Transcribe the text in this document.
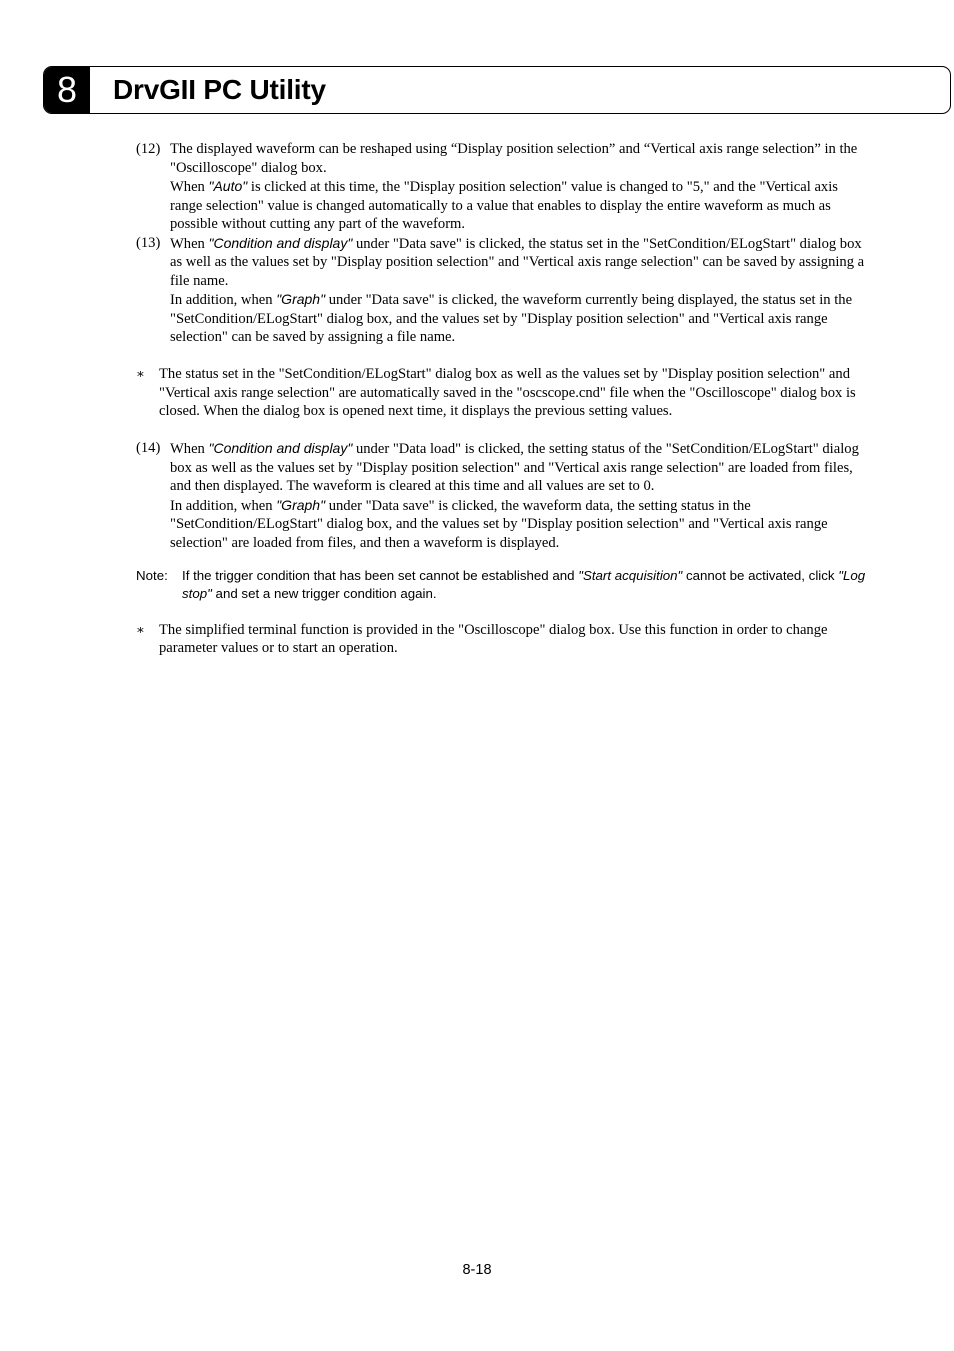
8	DrvGII PC Utility
(12) The displayed waveform can be reshaped using “Display position selection” and “Vertical axis range selection” in the "Oscilloscope" dialog box.

When "Auto" is clicked at this time, the "Display position selection" value is changed to "5," and the "Vertical axis range selection" value is changed automatically to a value that enables to display the entire waveform as much as possible without cutting any part of the waveform.

(13) When "Condition and display" under "Data save" is clicked, the status set in the "SetCondition/ELogStart" dialog box as well as the values set by "Display position selection" and "Vertical axis range selection" can be saved by assigning a file name.

In addition, when "Graph" under "Data save" is clicked, the waveform currently being displayed, the status set in the "SetCondition/ELogStart" dialog box, and the values set by "Display position selection" and "Vertical axis range selection" can be saved by assigning a file name.

∗ The status set in the "SetCondition/ELogStart" dialog box as well as the values set by "Display position selection" and "Vertical axis range selection" are automatically saved in the "oscscope.cnd" file when the "Oscilloscope" dialog box is closed. When the dialog box is opened next time, it displays the previous setting values.

(14) When "Condition and display" under "Data load" is clicked, the setting status of the "SetCondition/ELogStart" dialog box as well as the values set by "Display position selection" and "Vertical axis range selection" are loaded from files, and then displayed. The waveform is cleared at this time and all values are set to 0.

In addition, when "Graph" under "Data save" is clicked, the waveform data, the setting status in the "SetCondition/ELogStart" dialog box, and the values set by "Display position selection" and "Vertical axis range selection" are loaded from files, and then a waveform is displayed.

Note: If the trigger condition that has been set cannot be established and "Start acquisition" cannot be activated, click "Log stop" and set a new trigger condition again.

∗ The simplified terminal function is provided in the "Oscilloscope" dialog box. Use this function in order to change parameter values or to start an operation.

8-18
